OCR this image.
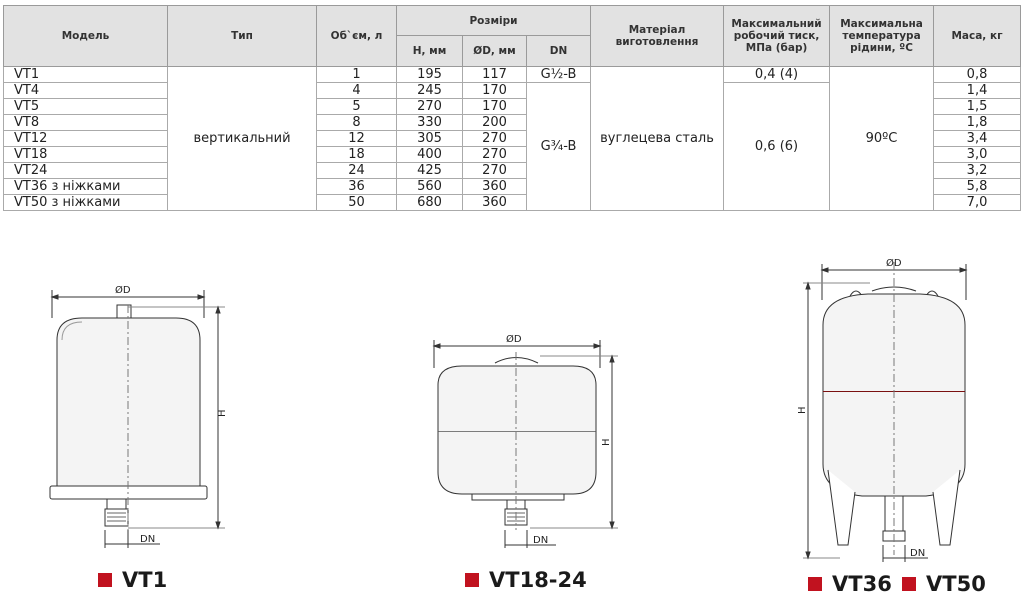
Модель	Тип	Об`єм, л	Розміри			Матеріал виготовлення	Максимальний робочий тиск, МПа (бар)	Максимальна температура рідини, ºC	Маса, кг
			H, мм	ØD, мм	DN				
VT1	вертикальний	1	195	117	G½-B	вуглецева сталь	0,4 (4)	90ºC	0,8
VT4		4	245	170	G¾-B		0,6 (6)		1,4
VT5		5	270	170					1,5
VT8		8	330	200					1,8
VT12		12	305	270					3,4
VT18		18	400	270					3,0
VT24		24	425	270					3,2
VT36 з ніжками		36	560	360					5,8
VT50 з ніжками		50	680	360					7,0
ØD
ØD
ØD
H
H
H
DN	DN
DN
VT1	VT18-24	VT36 VT50
